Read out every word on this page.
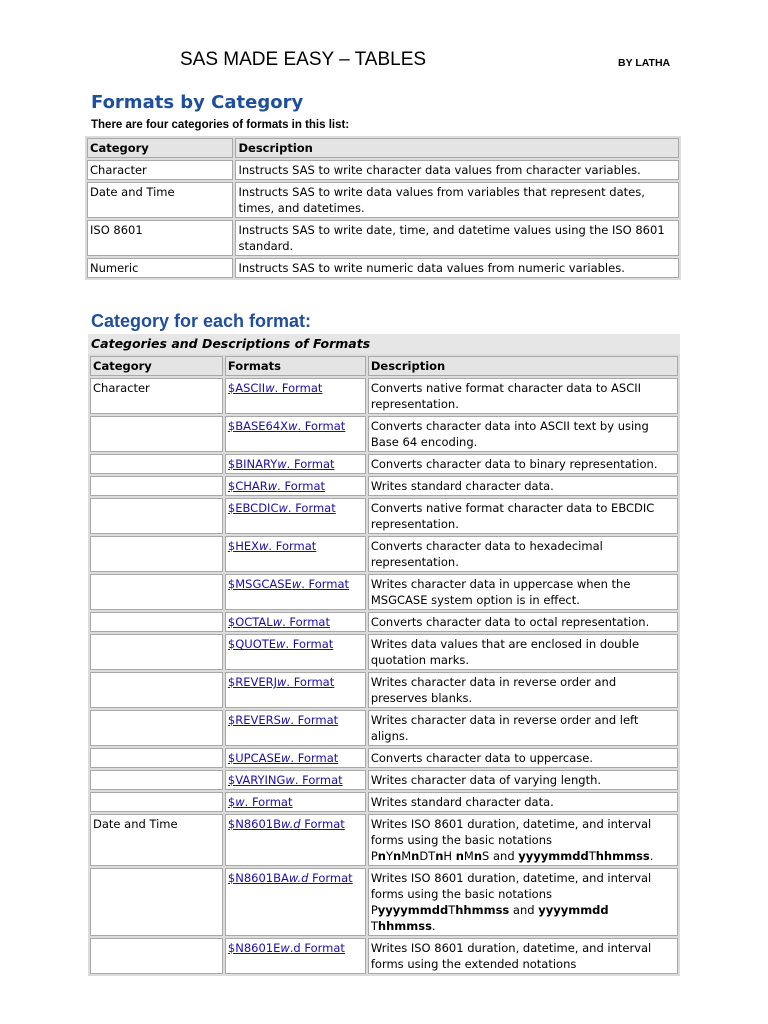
SAS MADE EASY – TABLES	BY LATHA
Formats by Category
There are four categories of formats in this list:
Category	Description
Character	Instructs SAS to write character data values from character variables.
Date and Time	Instructs SAS to write data values from variables that represent dates, times, and datetimes.
ISO 8601	Instructs SAS to write date, time, and datetime values using the ISO 8601 standard.
Numeric	Instructs SAS to write numeric data values from numeric variables.
Category for each format:
Categories and Descriptions of Formats
Category	Formats	Description
Character	$ASCIIw. Format	Converts native format character data to ASCII representation.
	$BASE64Xw. Format	Converts character data into ASCII text by using Base 64 encoding.
	$BINARYw. Format	Converts character data to binary representation.
	$CHARw. Format	Writes standard character data.
	$EBCDICw. Format	Converts native format character data to EBCDIC representation.
	$HEXw. Format	Converts character data to hexadecimal representation.
	$MSGCASEw. Format	Writes character data in uppercase when the MSGCASE system option is in effect.
	$OCTALw. Format	Converts character data to octal representation.
	$QUOTEw. Format	Writes data values that are enclosed in double quotation marks.
	$REVERJw. Format	Writes character data in reverse order and preserves blanks.
	$REVERSw. Format	Writes character data in reverse order and left aligns.
	$UPCASEw. Format	Converts character data to uppercase.
	$VARYINGw. Format	Writes character data of varying length.
	$w. Format	Writes standard character data.
Date and Time	$N8601Bw.d Format	Writes ISO 8601 duration, datetime, and interval forms using the basic notations
PnYnMnDTnH nMnS and yyyymmddThhmmss.
	$N8601BAw.d Format	Writes ISO 8601 duration, datetime, and interval forms using the basic notations
PyyyymmddThhmmss and yyyymmdd Thhmmss.
	$N8601Ew.d Format	Writes ISO 8601 duration, datetime, and interval forms using the extended notations
